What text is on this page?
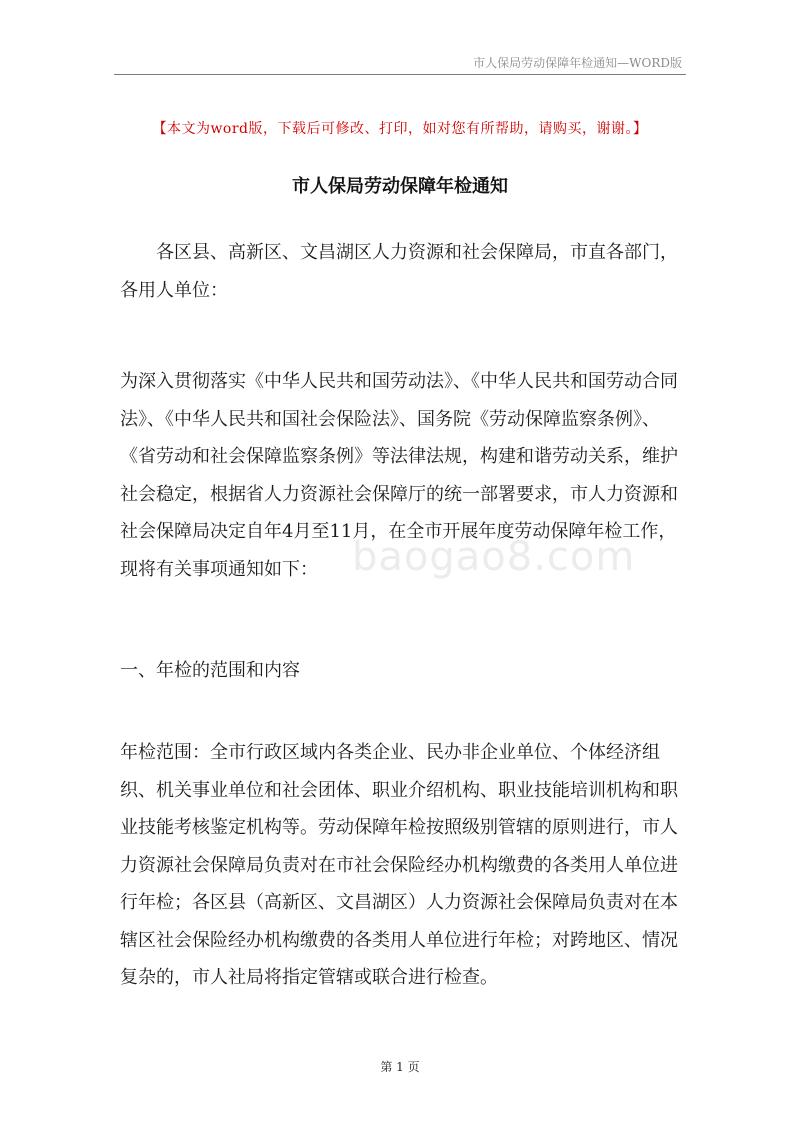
市人保局劳动保障年检通知—WORD版
【本文为word版，下载后可修改、打印，如对您有所帮助，请购买，谢谢。】
市人保局劳动保障年检通知
各区县、高新区、文昌湖区人力资源和社会保障局，市直各部门，各用人单位：
为深入贯彻落实《中华人民共和国劳动法》、《中华人民共和国劳动合同法》、《中华人民共和国社会保险法》、国务院《劳动保障监察条例》、《省劳动和社会保障监察条例》等法律法规，构建和谐劳动关系，维护社会稳定，根据省人力资源社会保障厅的统一部署要求，市人力资源和社会保障局决定自年4月至11月，在全市开展年度劳动保障年检工作，现将有关事项通知如下： baogao8.com
一、年检的范围和内容
年检范围：全市行政区域内各类企业、民办非企业单位、个体经济组织、机关事业单位和社会团体、职业介绍机构、职业技能培训机构和职业技能考核鉴定机构等。劳动保障年检按照级别管辖的原则进行，市人力资源社会保障局负责对在市社会保险经办机构缴费的各类用人单位进行年检；各区县（高新区、文昌湖区）人力资源社会保障局负责对在本辖区社会保险经办机构缴费的各类用人单位进行年检；对跨地区、情况复杂的，市人社局将指定管辖或联合进行检查。
第 1 页
